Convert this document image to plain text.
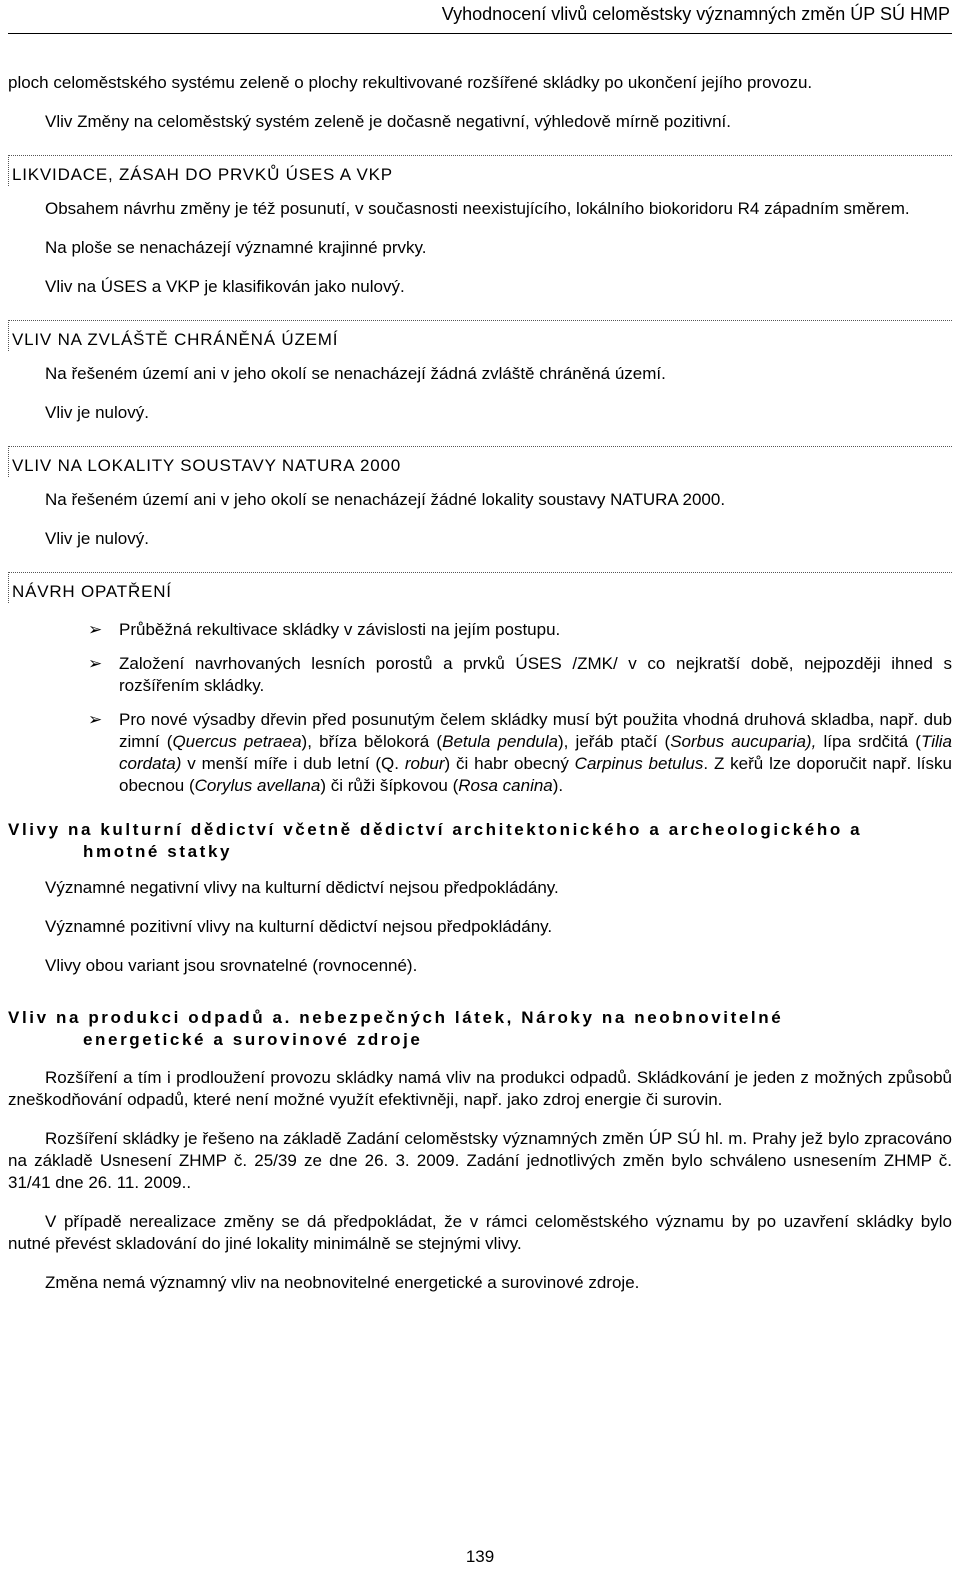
Vyhodnocení vlivů celoměstsky významných změn ÚP SÚ HMP

ploch celoměstského systému zeleně o plochy rekultivované rozšířené skládky po ukončení jejího provozu.

Vliv Změny na celoměstský systém zeleně je dočasně negativní, výhledově mírně pozitivní.

LIKVIDACE, ZÁSAH DO PRVKŮ ÚSES A VKP

Obsahem návrhu změny je též posunutí, v současnosti neexistujícího, lokálního biokoridoru R4 západním směrem.

Na ploše se nenacházejí významné krajinné prvky.

Vliv na ÚSES a VKP je klasifikován jako nulový.

VLIV NA ZVLÁŠTĚ CHRÁNĚNÁ ÚZEMÍ

Na řešeném území ani v jeho okolí se nenacházejí žádná zvláště chráněná území.

Vliv je nulový.

VLIV NA LOKALITY SOUSTAVY NATURA 2000

Na řešeném území ani v jeho okolí se nenacházejí žádné lokality soustavy NATURA 2000.

Vliv je nulový.

NÁVRH OPATŘENÍ
➢ Průběžná rekultivace skládky v závislosti na jejím postupu.
➢ Založení navrhovaných lesních porostů a prvků ÚSES /ZMK/ v co nejkratší době, nejpozději ihned s rozšířením skládky.
➢ Pro nové výsadby dřevin před posunutým čelem skládky musí být použita vhodná druhová skladba, např. dub zimní (Quercus petraea), bříza bělokorá (Betula pendula), jeřáb ptačí (Sorbus aucuparia), lípa srdčitá (Tilia cordata) v menší míře i dub letní (Q. robur) či habr obecný Carpinus betulus. Z keřů lze doporučit např. lísku obecnou (Corylus avellana) či růži šípkovou (Rosa canina).
Vlivy na kulturní dědictví včetně dědictví architektonického a archeologického a
hmotné statky

Významné negativní vlivy na kulturní dědictví nejsou předpokládány.

Významné pozitivní vlivy na kulturní dědictví nejsou předpokládány.

Vlivy obou variant jsou srovnatelné (rovnocenné).

Vliv na produkci odpadů a. nebezpečných látek, Nároky na neobnovitelné
energetické a surovinové zdroje

Rozšíření a tím i prodloužení provozu skládky namá vliv na produkci odpadů. Skládkování je jeden z možných způsobů zneškodňování odpadů, které není možné využít efektivněji, např. jako zdroj energie či surovin.

Rozšíření skládky je řešeno na základě Zadání celoměstsky významných změn ÚP SÚ hl. m. Prahy jež bylo zpracováno na základě Usnesení ZHMP č. 25/39 ze dne 26. 3. 2009. Zadání jednotlivých změn bylo schváleno usnesením ZHMP č. 31/41 dne 26. 11. 2009..

V případě nerealizace změny se dá předpokládat, že v rámci celoměstského významu by po uzavření skládky bylo nutné převést skladování do jiné lokality minimálně se stejnými vlivy.

Změna nemá významný vliv na neobnovitelné energetické a surovinové zdroje.

139
